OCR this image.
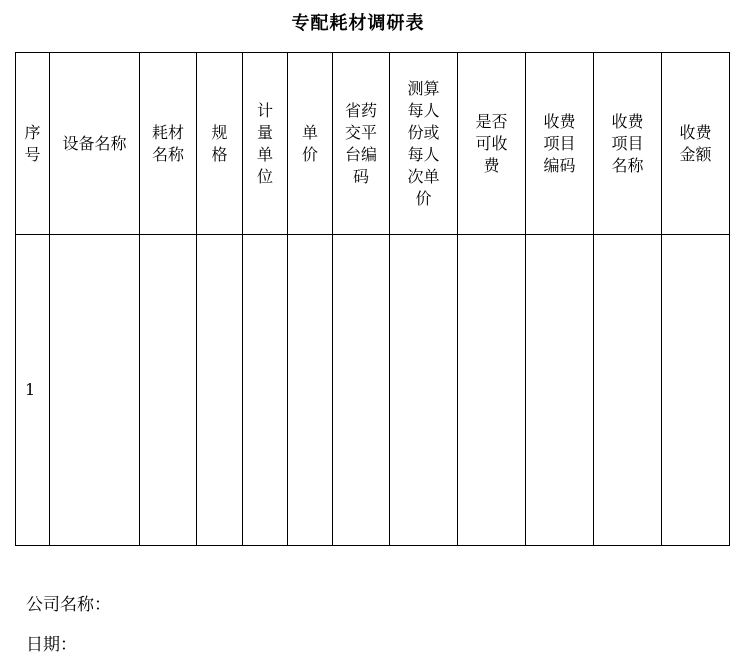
专配耗材调研表
序号	设备名称	耗材名称	规格	计量单位	单价	省药交平台编码	测算每人份或每人次单价	是否可收费	收费项目编码	收费项目名称	收费金额

1											
公司名称：
日期：
